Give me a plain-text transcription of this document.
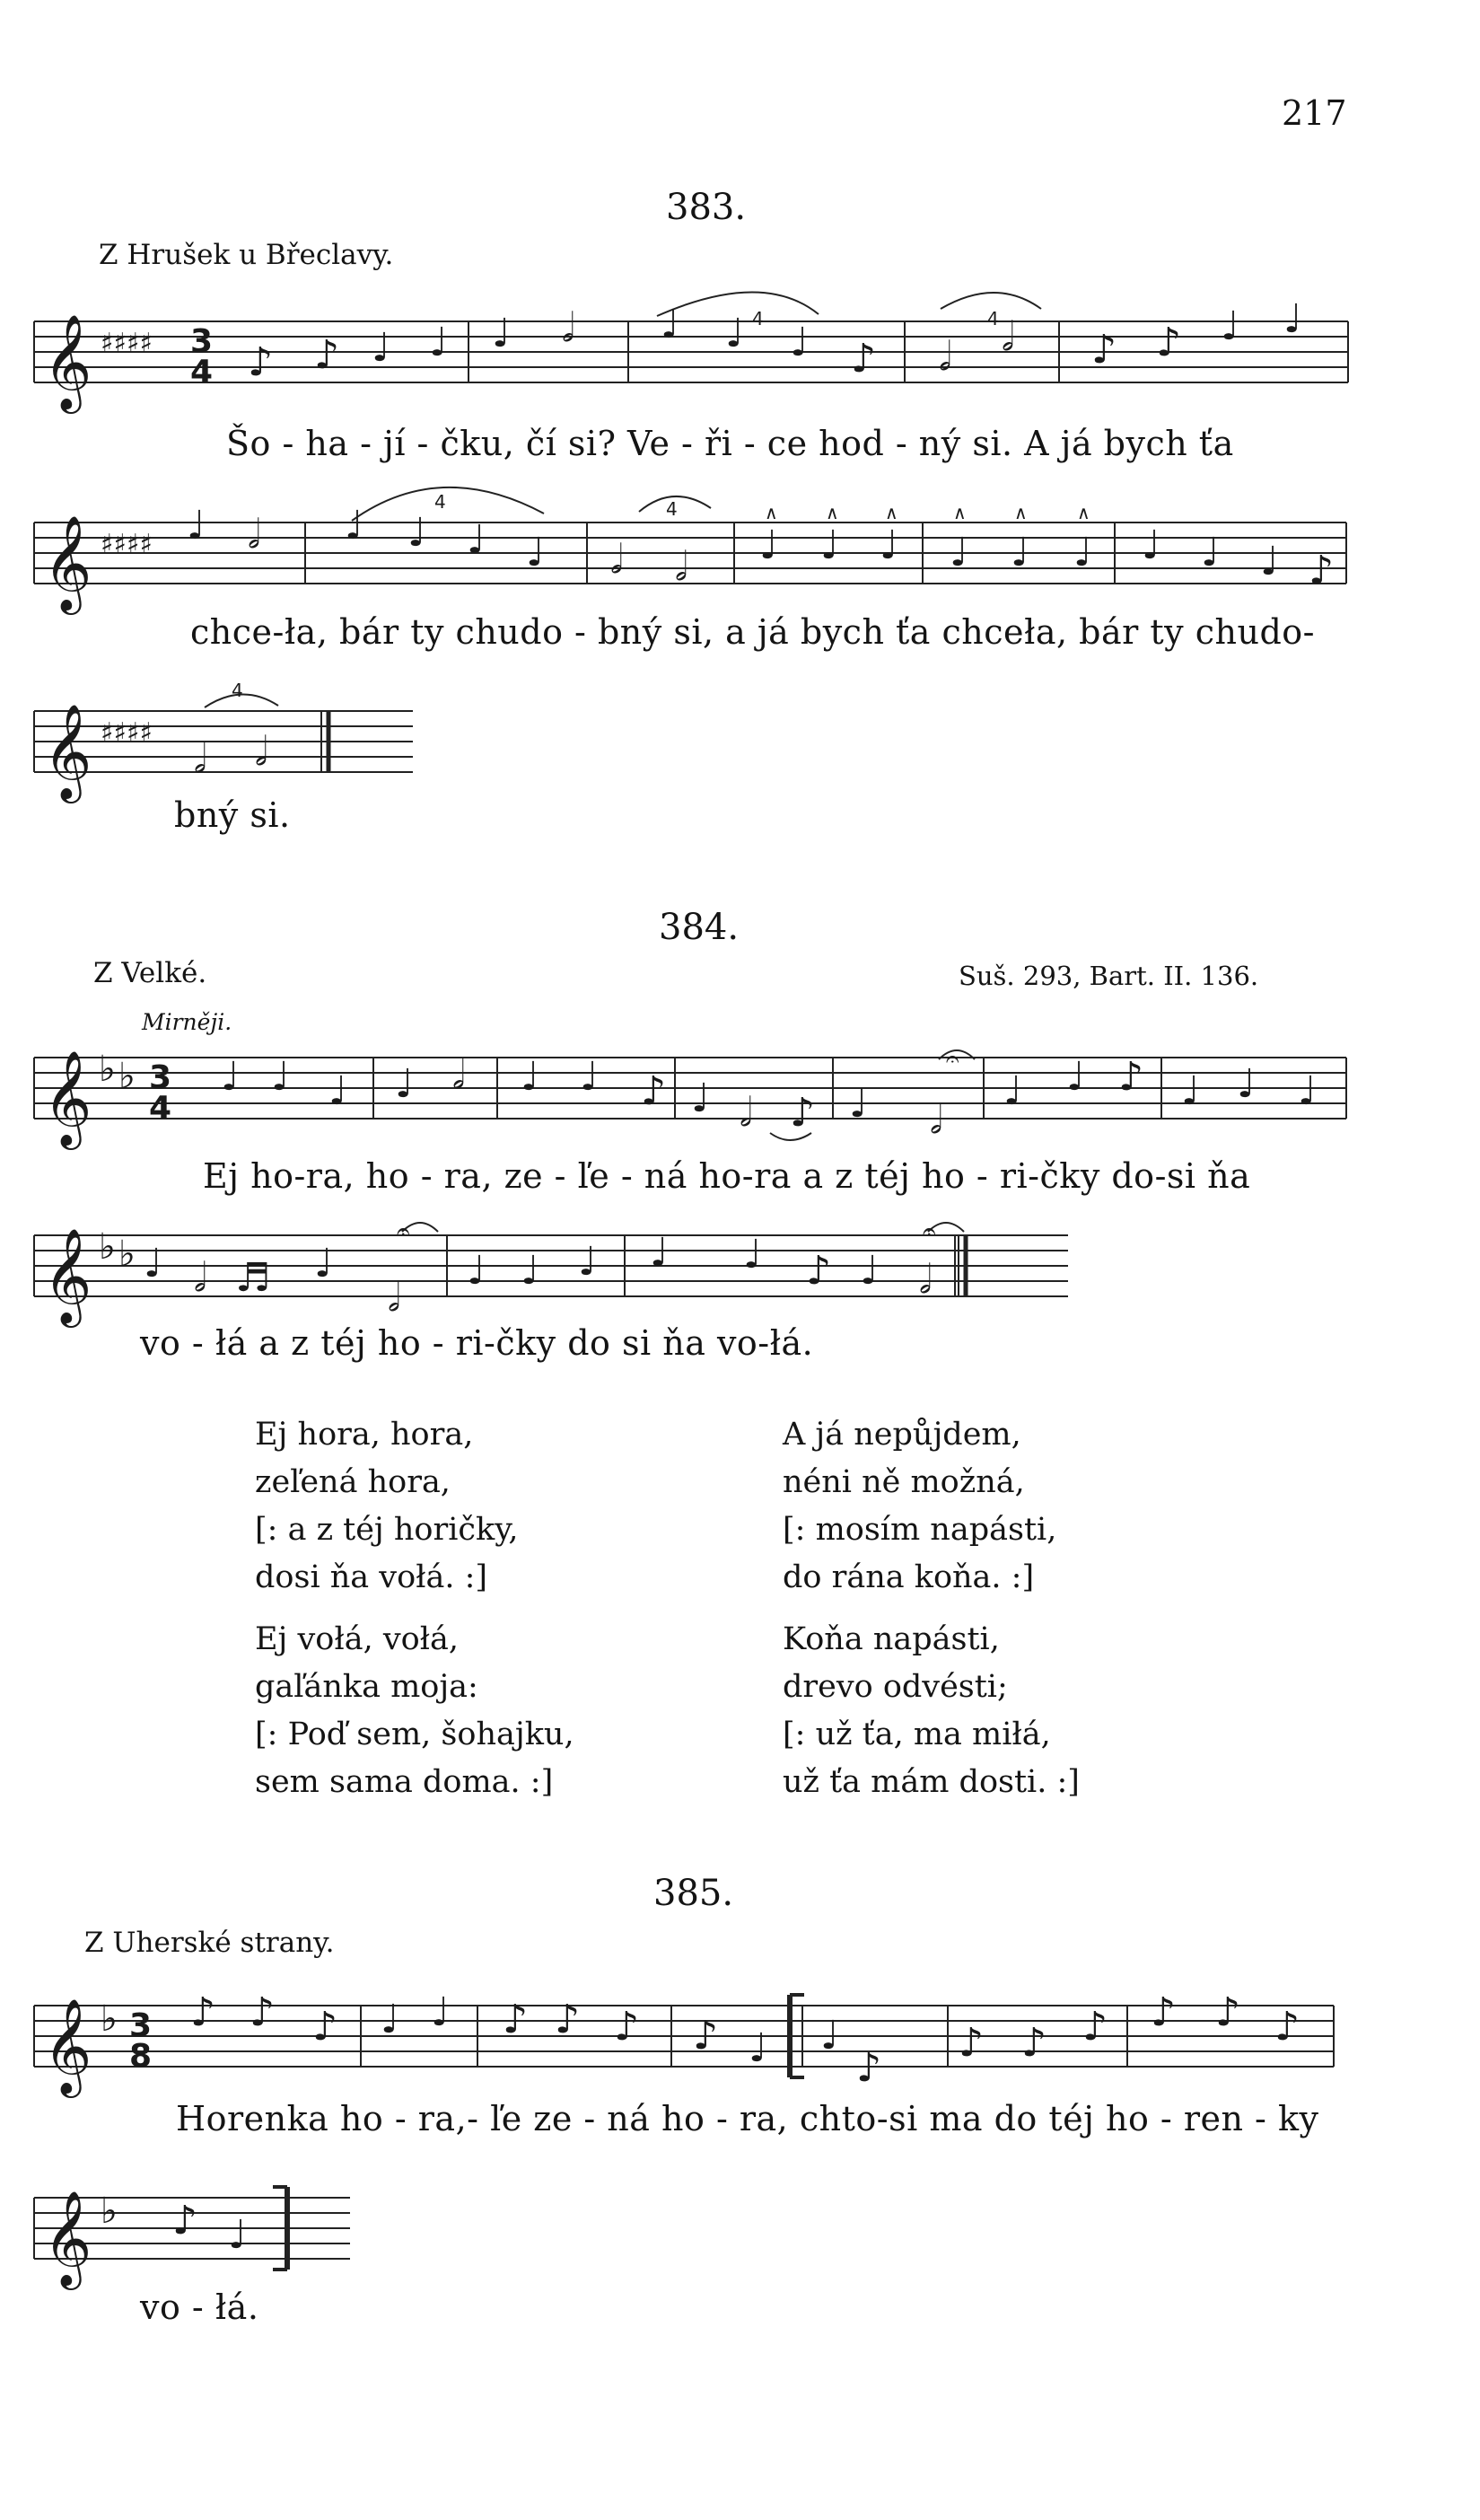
217
383.
Z Hrušek u Břeclavy.
𝄞 ♯♯♯♯ 3
4 ♪ ♪ ♩ ♩ ♩ 𝅗𝅥 ♩ ♩ ♩ ♪ 𝅗𝅥 𝅗𝅥 ♪ ♪ ♩ ♩
𝄞 ♯♯♯♯ ♩ 𝅗𝅥 ♩ ♩ ♩ ♩ 𝅗𝅥 𝅗𝅥 ♩ ♩ ♩ ♩ ♩ ♩ ♩ ♩ ♩ ♪
𝄞 ♯♯♯♯
𝅗𝅥 𝅗𝅥
4	4
4	4
4
∧	∧	∧	∧	∧	∧
𝄞 ♭ ♭ 3
4
♩ ♩ ♩ ♩ 𝅗𝅥 ♩ ♩ ♪ ♩ 𝅗𝅥 ♪ ♩ 𝅗𝅥
♩ ♩ ♪ ♩ ♩ ♩
𝄐
𝄞 ♭ ♭ ♩ 𝅗𝅥 ♬ ♩
𝅗𝅥
♩ ♩ ♩ ♩ ♩ ♪ ♩ 𝅗𝅥
𝄐	𝄐
𝄞 ♭ 3
8
♪ ♪ ♪ ♩ ♩ ♪ ♪ ♪ ♪ ♩ ♩
♪
♪ ♪ ♪ ♪ ♪ ♪
𝄞 ♭ ♪ ♩
Šo - ha - jí - čku, čí si? Ve - ři - ce hod - ný si. A já bych ťa
chce-ła, bár ty chudo - bný si, a já bych ťa chceła, bár ty chudo-
bný si.
384.
Z Velké.	Suš. 293, Bart. II. 136.
Mirněji.
Ej ho-ra, ho - ra, ze - ľe - ná ho-ra a z téj ho - ri-čky do-si ňa
vo - łá a z téj ho - ri-čky do si ňa vo-łá.
Ej hora, hora,
zeľená hora,
[: a z téj horičky,
dosi ňa vołá. :]
A já nepůjdem,
néni ně možná,
[: mosím napásti,
do rána koňa. :]
Ej vołá, vołá,
gaľánka moja:
[: Poď sem, šohajku,
sem sama doma. :]
Koňa napásti,
drevo odvésti;
[: už ťa, ma miłá,
už ťa mám dosti. :]
385.
Z Uherské strany.
Horenka ho - ra,- ľe ze - ná ho - ra, chto-si ma do téj ho - ren - ky
vo - łá.
